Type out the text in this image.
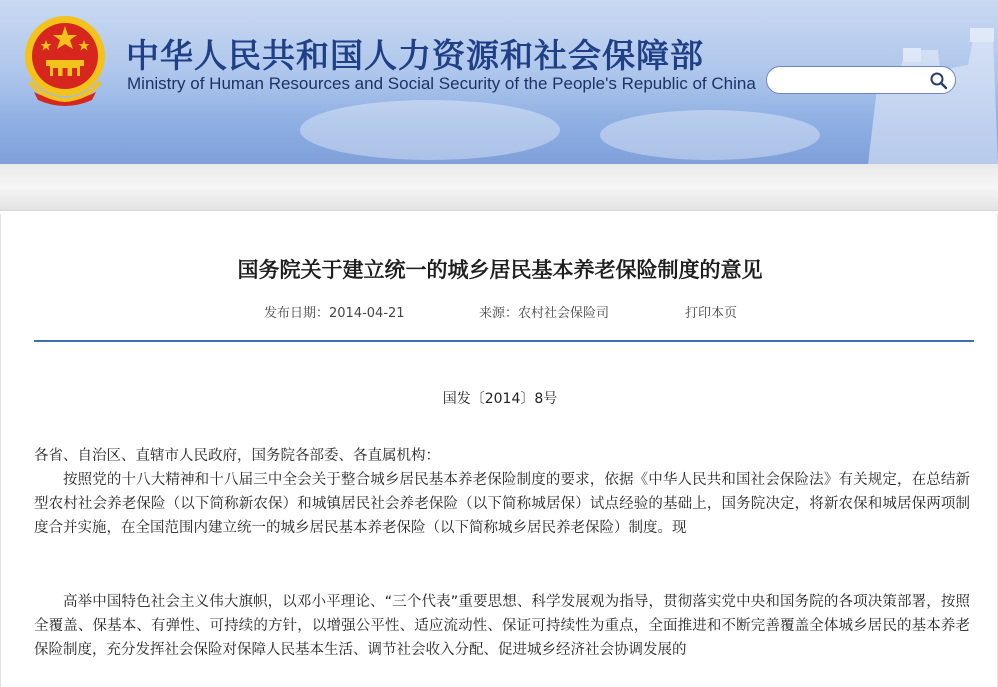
中华人民共和国人力资源和社会保障部
Ministry of Human Resources and Social Security of the People's Republic of China
国务院关于建立统一的城乡居民基本养老保险制度的意见
发布日期：2014-04-21	来源：农村社会保险司	打印本页
国发〔2014〕8号

各省、自治区、直辖市人民政府，国务院各部委、各直属机构：

按照党的十八大精神和十八届三中全会关于整合城乡居民基本养老保险制度的要求，依据《中华人民共和国社会保险法》有关规定，在总结新型农村社会养老保险（以下简称新农保）和城镇居民社会养老保险（以下简称城居保）试点经验的基础上，国务院决定，将新农保和城居保两项制度合并实施，在全国范围内建立统一的城乡居民基本养老保险（以下简称城乡居民养老保险）制度。现

高举中国特色社会主义伟大旗帜，以邓小平理论、“三个代表”重要思想、科学发展观为指导，贯彻落实党中央和国务院的各项决策部署，按照全覆盖、保基本、有弹性、可持续的方针，以增强公平性、适应流动性、保证可持续性为重点，全面推进和不断完善覆盖全体城乡居民的基本养老保险制度，充分发挥社会保险对保障人民基本生活、调节社会收入分配、促进城乡经济社会协调发展的
